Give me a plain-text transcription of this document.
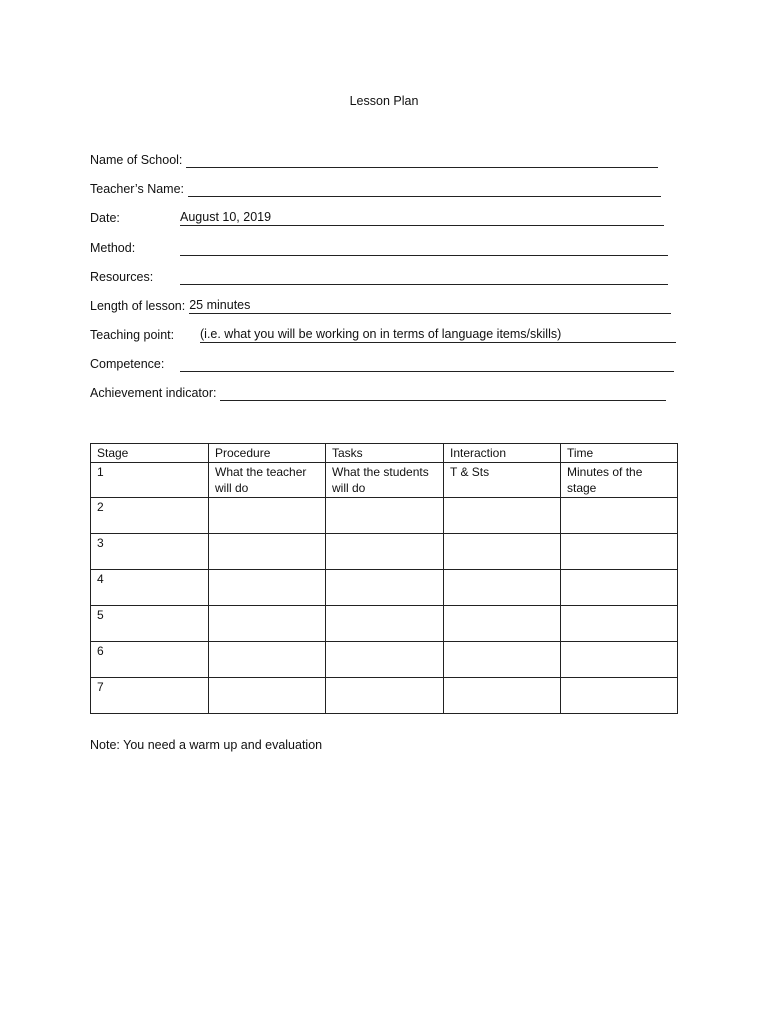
Lesson Plan
Name of School:
Teacher’s Name:
Date:	August 10, 2019
Method:
Resources:
Length of lesson: 25 minutes
Teaching point:	(i.e. what you will be working on in terms of language items/skills)
Competence:
Achievement indicator:
Stage	Procedure	Tasks	Interaction	Time
1	What the teacher will do	What the students will do	T & Sts	Minutes of the stage
2				
3				
4				
5				
6				
7				
Note: You need a warm up and evaluation
